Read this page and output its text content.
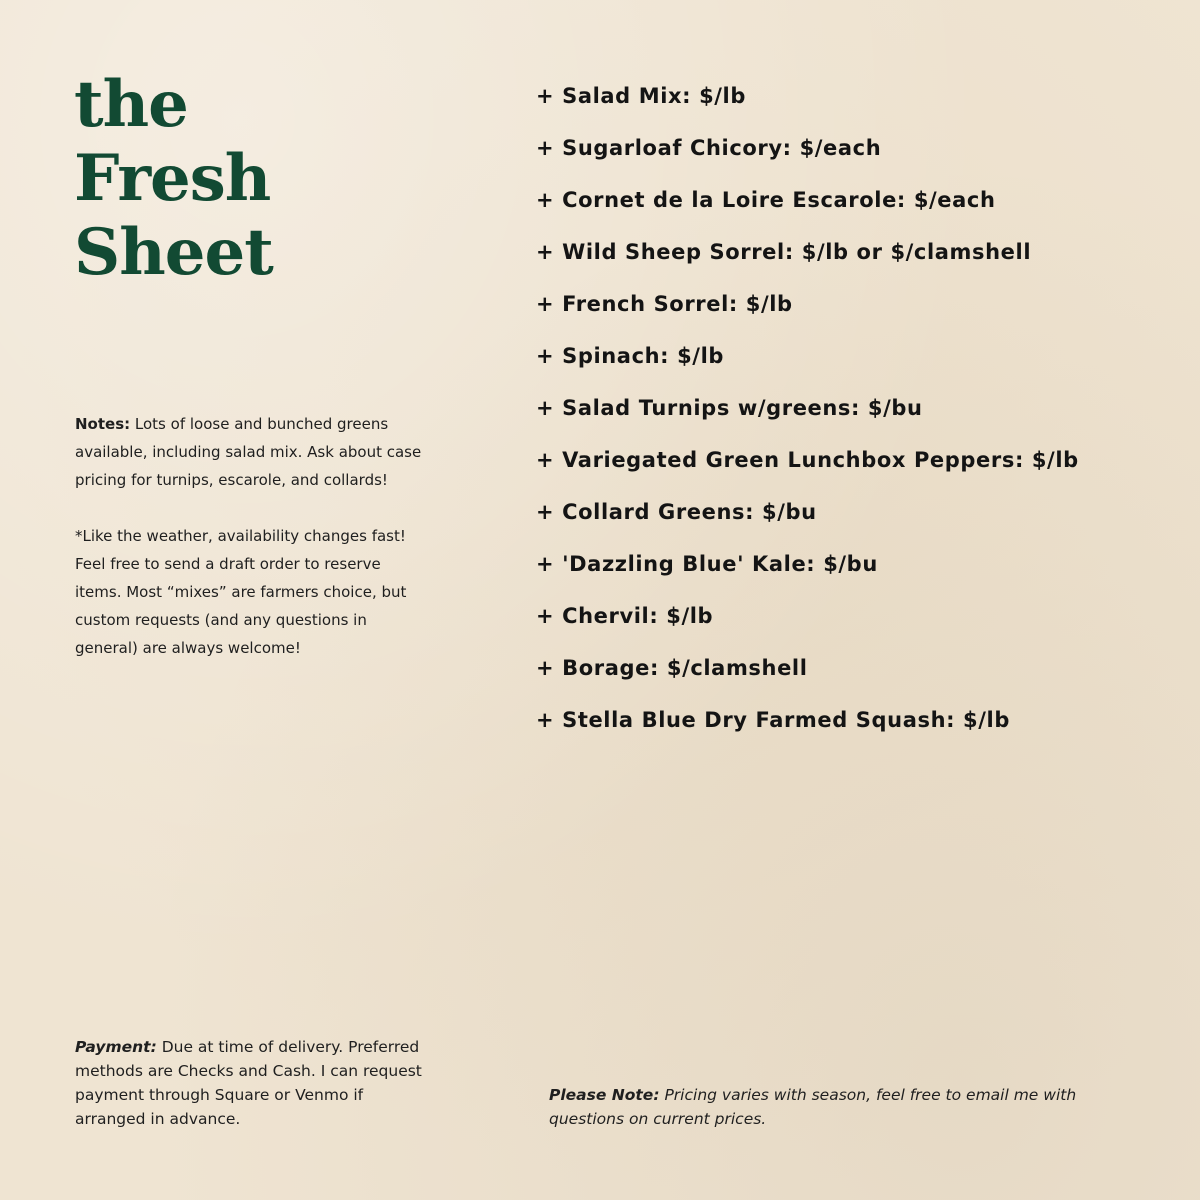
the
Fresh
Sheet

Notes: Lots of loose and bunched greens available, including salad mix. Ask about case pricing for turnips, escarole, and collards!

*Like the weather, availability changes fast! Feel free to send a draft order to reserve items. Most “mixes” are farmers choice, but custom requests (and any questions in general) are always welcome!

+ Salad Mix: $/lb
+ Sugarloaf Chicory: $/each
+ Cornet de la Loire Escarole: $/each
+ Wild Sheep Sorrel: $/lb or $/clamshell
+ French Sorrel: $/lb
+ Spinach: $/lb
+ Salad Turnips w/greens: $/bu
+ Variegated Green Lunchbox Peppers: $/lb
+ Collard Greens: $/bu
+ 'Dazzling Blue' Kale: $/bu
+ Chervil: $/lb
+ Borage: $/clamshell
+ Stella Blue Dry Farmed Squash: $/lb

Payment: Due at time of delivery. Preferred methods are Checks and Cash. I can request payment through Square or Venmo if arranged in advance.

Please Note: Pricing varies with season, feel free to email me with questions on current prices.
